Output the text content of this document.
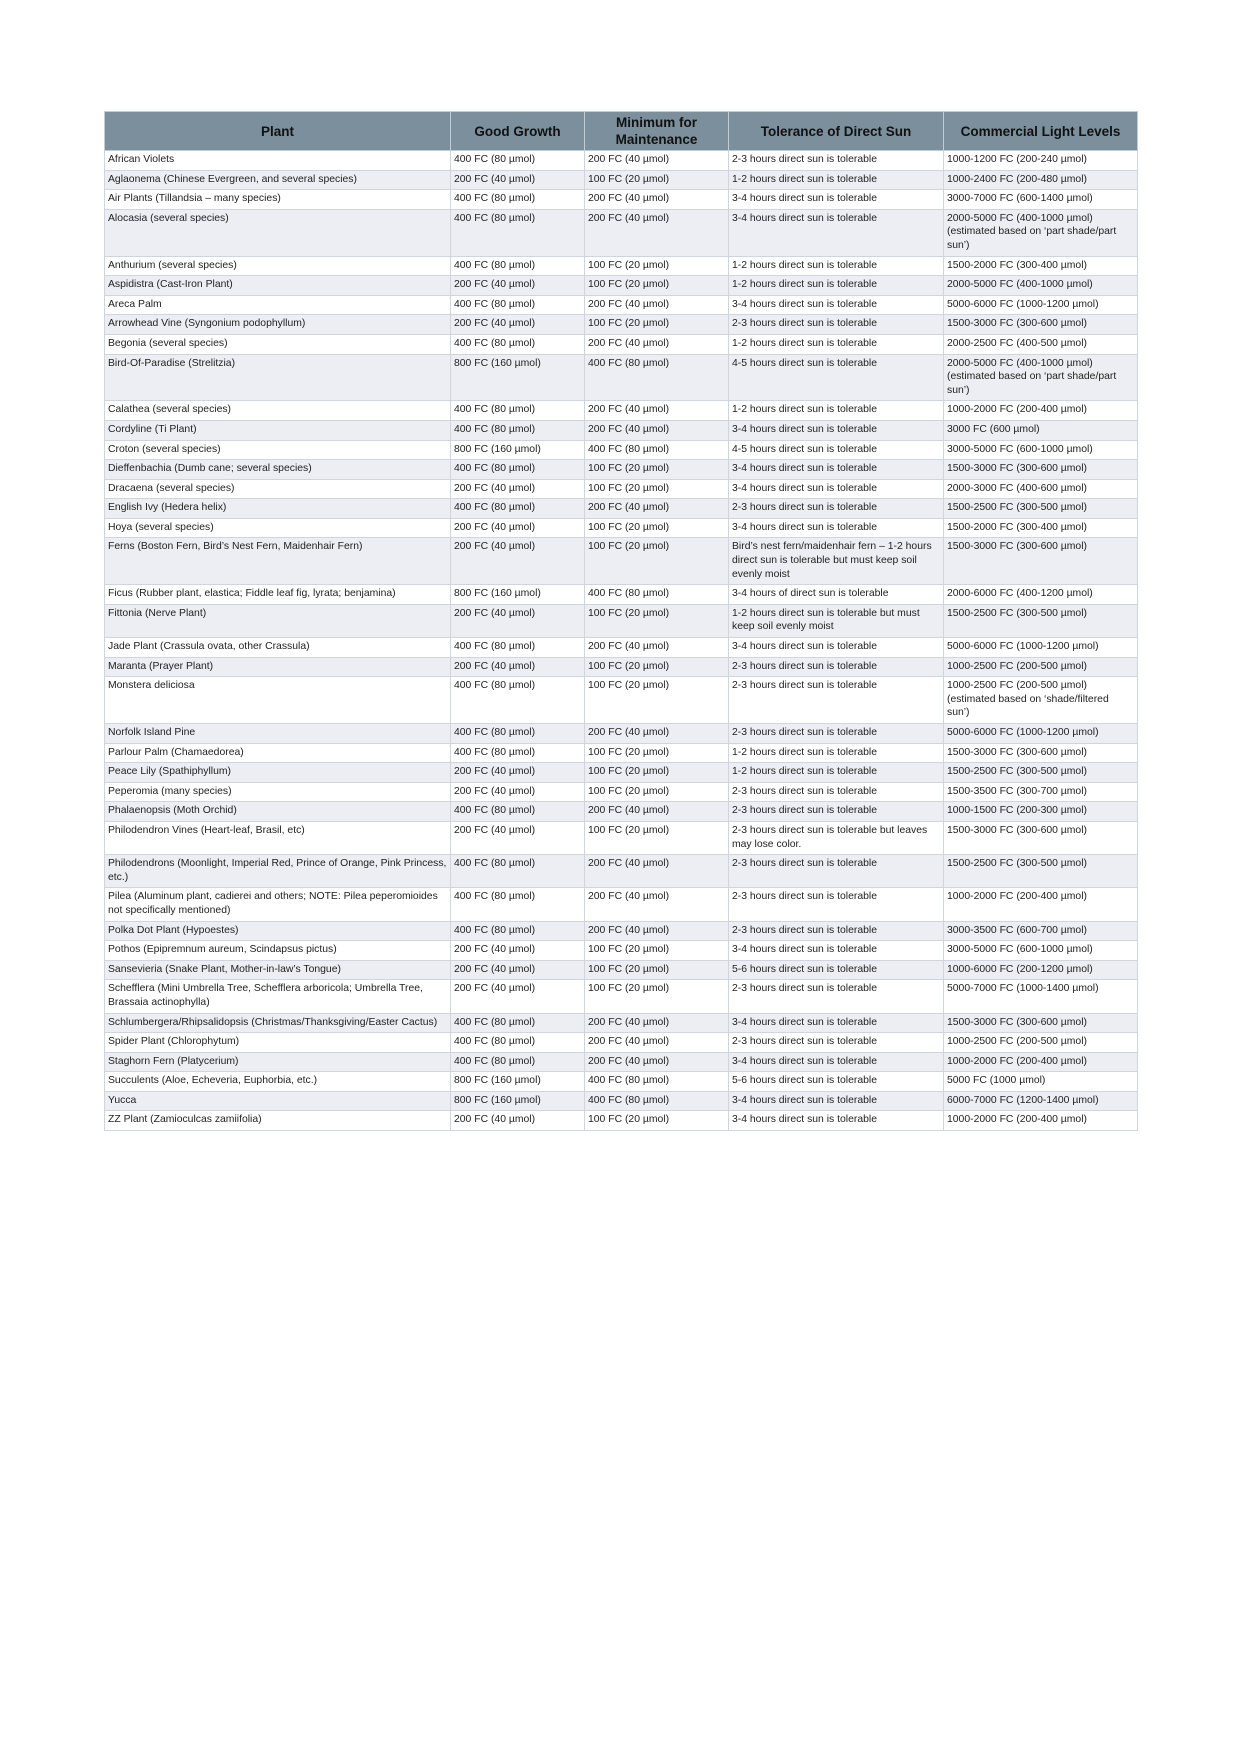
Plant	Good Growth	Minimum for Maintenance	Tolerance of Direct Sun	Commercial Light Levels
African Violets	400 FC (80 µmol)	200 FC (40 µmol)	2-3 hours direct sun is tolerable	1000-1200 FC (200-240 µmol)
Aglaonema (Chinese Evergreen, and several species)	200 FC (40 µmol)	100 FC (20 µmol)	1-2 hours direct sun is tolerable	1000-2400 FC (200-480 µmol)
Air Plants (Tillandsia – many species)	400 FC (80 µmol)	200 FC (40 µmol)	3-4 hours direct sun is tolerable	3000-7000 FC (600-1400 µmol)
Alocasia (several species)	400 FC (80 µmol)	200 FC (40 µmol)	3-4 hours direct sun is tolerable	2000-5000 FC (400-1000 µmol) (estimated based on ‘part shade/part sun’)
Anthurium (several species)	400 FC (80 µmol)	100 FC (20 µmol)	1-2 hours direct sun is tolerable	1500-2000 FC (300-400 µmol)
Aspidistra (Cast-Iron Plant)	200 FC (40 µmol)	100 FC (20 µmol)	1-2 hours direct sun is tolerable	2000-5000 FC (400-1000 µmol)
Areca Palm	400 FC (80 µmol)	200 FC (40 µmol)	3-4 hours direct sun is tolerable	5000-6000 FC (1000-1200 µmol)
Arrowhead Vine (Syngonium podophyllum)	200 FC (40 µmol)	100 FC (20 µmol)	2-3 hours direct sun is tolerable	1500-3000 FC (300-600 µmol)
Begonia (several species)	400 FC (80 µmol)	200 FC (40 µmol)	1-2 hours direct sun is tolerable	2000-2500 FC (400-500 µmol)
Bird-Of-Paradise (Strelitzia)	800 FC (160 µmol)	400 FC (80 µmol)	4-5 hours direct sun is tolerable	2000-5000 FC (400-1000 µmol) (estimated based on ‘part shade/part sun’)
Calathea (several species)	400 FC (80 µmol)	200 FC (40 µmol)	1-2 hours direct sun is tolerable	1000-2000 FC (200-400 µmol)
Cordyline (Ti Plant)	400 FC (80 µmol)	200 FC (40 µmol)	3-4 hours direct sun is tolerable	3000 FC (600 µmol)
Croton (several species)	800 FC (160 µmol)	400 FC (80 µmol)	4-5 hours direct sun is tolerable	3000-5000 FC (600-1000 µmol)
Dieffenbachia (Dumb cane; several species)	400 FC (80 µmol)	100 FC (20 µmol)	3-4 hours direct sun is tolerable	1500-3000 FC (300-600 µmol)
Dracaena (several species)	200 FC (40 µmol)	100 FC (20 µmol)	3-4 hours direct sun is tolerable	2000-3000 FC (400-600 µmol)
English Ivy (Hedera helix)	400 FC (80 µmol)	200 FC (40 µmol)	2-3 hours direct sun is tolerable	1500-2500 FC (300-500 µmol)
Hoya (several species)	200 FC (40 µmol)	100 FC (20 µmol)	3-4 hours direct sun is tolerable	1500-2000 FC (300-400 µmol)
Ferns (Boston Fern, Bird’s Nest Fern, Maidenhair Fern)	200 FC (40 µmol)	100 FC (20 µmol)	Bird’s nest fern/maidenhair fern – 1-2 hours direct sun is tolerable but must keep soil evenly moist	1500-3000 FC (300-600 µmol)
Ficus (Rubber plant, elastica; Fiddle leaf fig, lyrata; benjamina)	800 FC (160 µmol)	400 FC (80 µmol)	3-4 hours of direct sun is tolerable	2000-6000 FC (400-1200 µmol)
Fittonia (Nerve Plant)	200 FC (40 µmol)	100 FC (20 µmol)	1-2 hours direct sun is tolerable but must keep soil evenly moist	1500-2500 FC (300-500 µmol)
Jade Plant (Crassula ovata, other Crassula)	400 FC (80 µmol)	200 FC (40 µmol)	3-4 hours direct sun is tolerable	5000-6000 FC (1000-1200 µmol)
Maranta (Prayer Plant)	200 FC (40 µmol)	100 FC (20 µmol)	2-3 hours direct sun is tolerable	1000-2500 FC (200-500 µmol)
Monstera deliciosa	400 FC (80 µmol)	100 FC (20 µmol)	2-3 hours direct sun is tolerable	1000-2500 FC (200-500 µmol) (estimated based on ‘shade/filtered sun’)
Norfolk Island Pine	400 FC (80 µmol)	200 FC (40 µmol)	2-3 hours direct sun is tolerable	5000-6000 FC (1000-1200 µmol)
Parlour Palm (Chamaedorea)	400 FC (80 µmol)	100 FC (20 µmol)	1-2 hours direct sun is tolerable	1500-3000 FC (300-600 µmol)
Peace Lily (Spathiphyllum)	200 FC (40 µmol)	100 FC (20 µmol)	1-2 hours direct sun is tolerable	1500-2500 FC (300-500 µmol)
Peperomia (many species)	200 FC (40 µmol)	100 FC (20 µmol)	2-3 hours direct sun is tolerable	1500-3500 FC (300-700 µmol)
Phalaenopsis (Moth Orchid)	400 FC (80 µmol)	200 FC (40 µmol)	2-3 hours direct sun is tolerable	1000-1500 FC (200-300 µmol)
Philodendron Vines (Heart-leaf, Brasil, etc)	200 FC (40 µmol)	100 FC (20 µmol)	2-3 hours direct sun is tolerable but leaves may lose color.	1500-3000 FC (300-600 µmol)
Philodendrons (Moonlight, Imperial Red, Prince of Orange, Pink Princess, etc.)	400 FC (80 µmol)	200 FC (40 µmol)	2-3 hours direct sun is tolerable	1500-2500 FC (300-500 µmol)
Pilea (Aluminum plant, cadierei and others; NOTE: Pilea peperomioides not specifically mentioned)	400 FC (80 µmol)	200 FC (40 µmol)	2-3 hours direct sun is tolerable	1000-2000 FC (200-400 µmol)
Polka Dot Plant (Hypoestes)	400 FC (80 µmol)	200 FC (40 µmol)	2-3 hours direct sun is tolerable	3000-3500 FC (600-700 µmol)
Pothos (Epipremnum aureum, Scindapsus pictus)	200 FC (40 µmol)	100 FC (20 µmol)	3-4 hours direct sun is tolerable	3000-5000 FC (600-1000 µmol)
Sansevieria (Snake Plant, Mother-in-law’s Tongue)	200 FC (40 µmol)	100 FC (20 µmol)	5-6 hours direct sun is tolerable	1000-6000 FC (200-1200 µmol)
Schefflera (Mini Umbrella Tree, Schefflera arboricola; Umbrella Tree, Brassaia actinophylla)	200 FC (40 µmol)	100 FC (20 µmol)	2-3 hours direct sun is tolerable	5000-7000 FC (1000-1400 µmol)
Schlumbergera/Rhipsalidopsis (Christmas/Thanksgiving/Easter Cactus)	400 FC (80 µmol)	200 FC (40 µmol)	3-4 hours direct sun is tolerable	1500-3000 FC (300-600 µmol)
Spider Plant (Chlorophytum)	400 FC (80 µmol)	200 FC (40 µmol)	2-3 hours direct sun is tolerable	1000-2500 FC (200-500 µmol)
Staghorn Fern (Platycerium)	400 FC (80 µmol)	200 FC (40 µmol)	3-4 hours direct sun is tolerable	1000-2000 FC (200-400 µmol)
Succulents (Aloe, Echeveria, Euphorbia, etc.)	800 FC (160 µmol)	400 FC (80 µmol)	5-6 hours direct sun is tolerable	5000 FC (1000 µmol)
Yucca	800 FC (160 µmol)	400 FC (80 µmol)	3-4 hours direct sun is tolerable	6000-7000 FC (1200-1400 µmol)
ZZ Plant (Zamioculcas zamiifolia)	200 FC (40 µmol)	100 FC (20 µmol)	3-4 hours direct sun is tolerable	1000-2000 FC (200-400 µmol)
